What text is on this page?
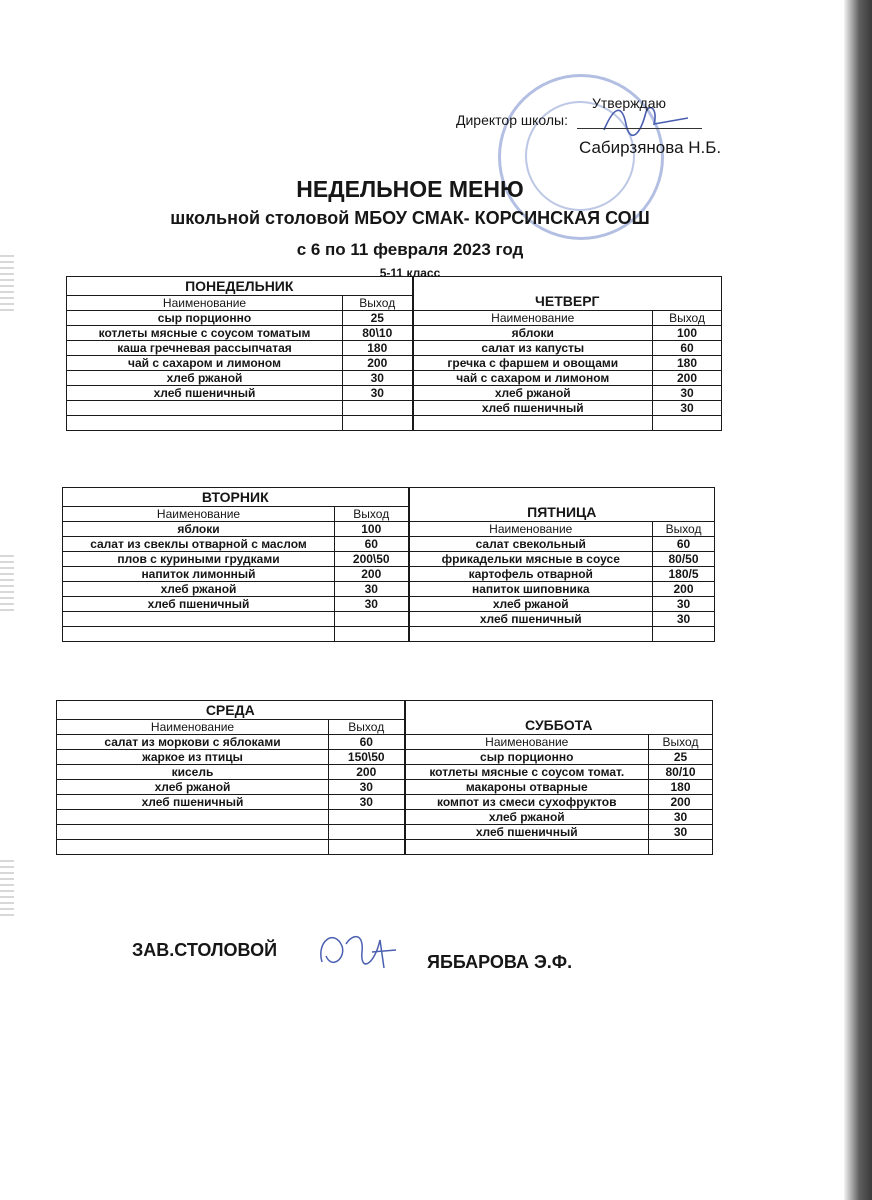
Утверждаю
Директор школы:
Сабирзянова Н.Б.
НЕДЕЛЬНОЕ МЕНЮ
школьной столовой МБОУ СМАК- КОРСИНСКАЯ СОШ
с 6 по 11 февраля 2023 год
5-11 класс
ПОНЕДЕЛЬНИК		ЧЕТВЕРГ	
Наименование	Выход		
сыр порционно	25	Наименование	Выход
котлеты мясные с соусом томатым	80\10	яблоки	100
каша гречневая рассыпчатая	180	салат из капусты	60
чай с сахаром и лимоном	200	гречка с фаршем и овощами	180
хлеб ржаной	30	чай с сахаром и лимоном	200
хлеб пшеничный	30	хлеб ржаной	30
		хлеб пшеничный	30

ВТОРНИК		ПЯТНИЦА	
Наименование	Выход		
яблоки	100	Наименование	Выход
салат из свеклы отварной с маслом	60	салат свекольный	60
плов с куриными грудками	200\50	фрикадельки мясные в соусе	80/50
напиток лимонный	200	картофель отварной	180/5
хлеб ржаной	30	напиток шиповника	200
хлеб пшеничный	30	хлеб ржаной	30
		хлеб пшеничный	30

СРЕДА		СУББОТА	
Наименование	Выход		
салат из моркови с яблоками	60	Наименование	Выход
жаркое из птицы	150\50	сыр порционно	25
кисель	200	котлеты мясные с соусом томат.	80/10
хлеб ржаной	30	макароны отварные	180
хлеб пшеничный	30	компот из смеси сухофруктов	200
		хлеб ржаной	30
		хлеб пшеничный	30

ЗАВ.СТОЛОВОЙ
ЯББАРОВА Э.Ф.
